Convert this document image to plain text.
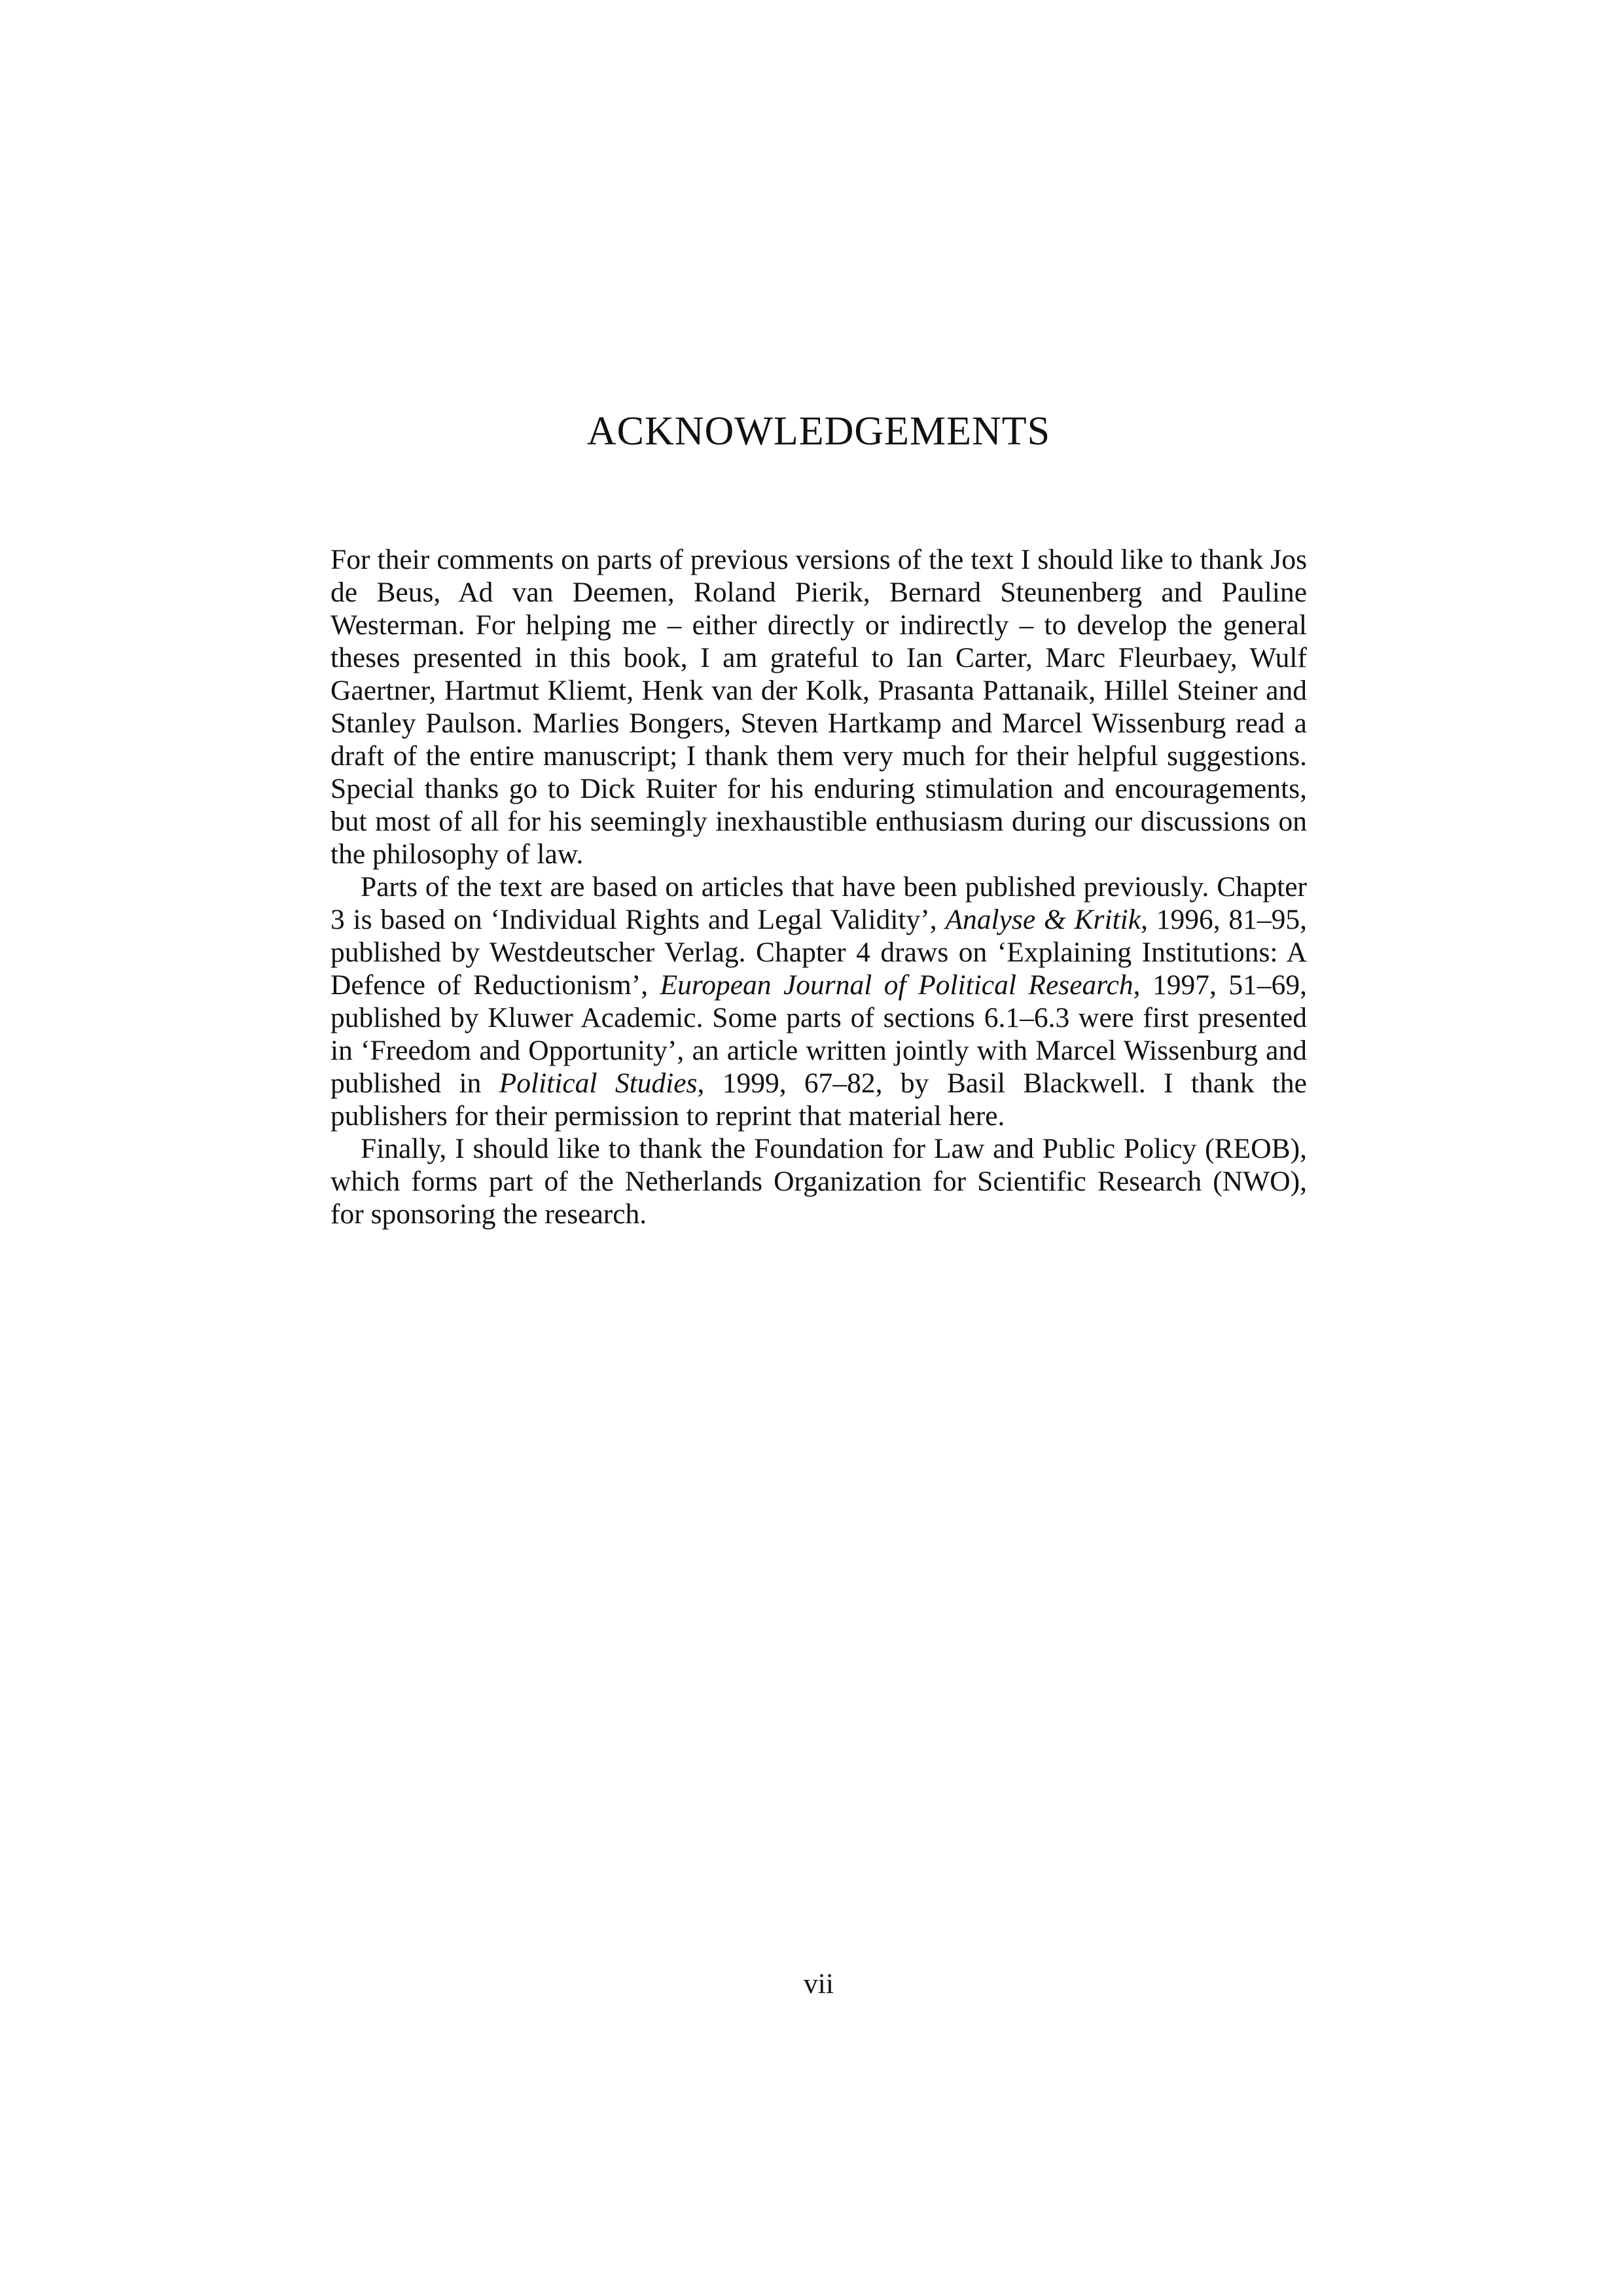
ACKNOWLEDGEMENTS

For their comments on parts of previous versions of the text I should like to thank Jos de Beus, Ad van Deemen, Roland Pierik, Bernard Steunenberg and Pauline Westerman. For helping me – either directly or indirectly – to develop the general theses presented in this book, I am grateful to Ian Carter, Marc Fleurbaey, Wulf Gaertner, Hartmut Kliemt, Henk van der Kolk, Prasanta Pattanaik, Hillel Steiner and Stanley Paulson. Marlies Bongers, Steven Hartkamp and Marcel Wissenburg read a draft of the entire manuscript; I thank them very much for their helpful suggestions. Special thanks go to Dick Ruiter for his enduring stimulation and encouragements, but most of all for his seemingly inexhaustible enthusiasm during our discussions on the philosophy of law.

Parts of the text are based on articles that have been published previously. Chapter 3 is based on ‘Individual Rights and Legal Validity’, Analyse & Kritik, 1996, 81–95, published by Westdeutscher Verlag. Chapter 4 draws on ‘Explaining Institutions: A Defence of Reductionism’, European Journal of Political Research, 1997, 51–69, published by Kluwer Academic. Some parts of sections 6.1–6.3 were first presented in ‘Freedom and Opportunity’, an article written jointly with Marcel Wissenburg and published in Political Studies, 1999, 67–82, by Basil Blackwell. I thank the publishers for their permission to reprint that material here.

Finally, I should like to thank the Foundation for Law and Public Policy (REOB), which forms part of the Netherlands Organization for Scientific Research (NWO), for sponsoring the research.

vii
